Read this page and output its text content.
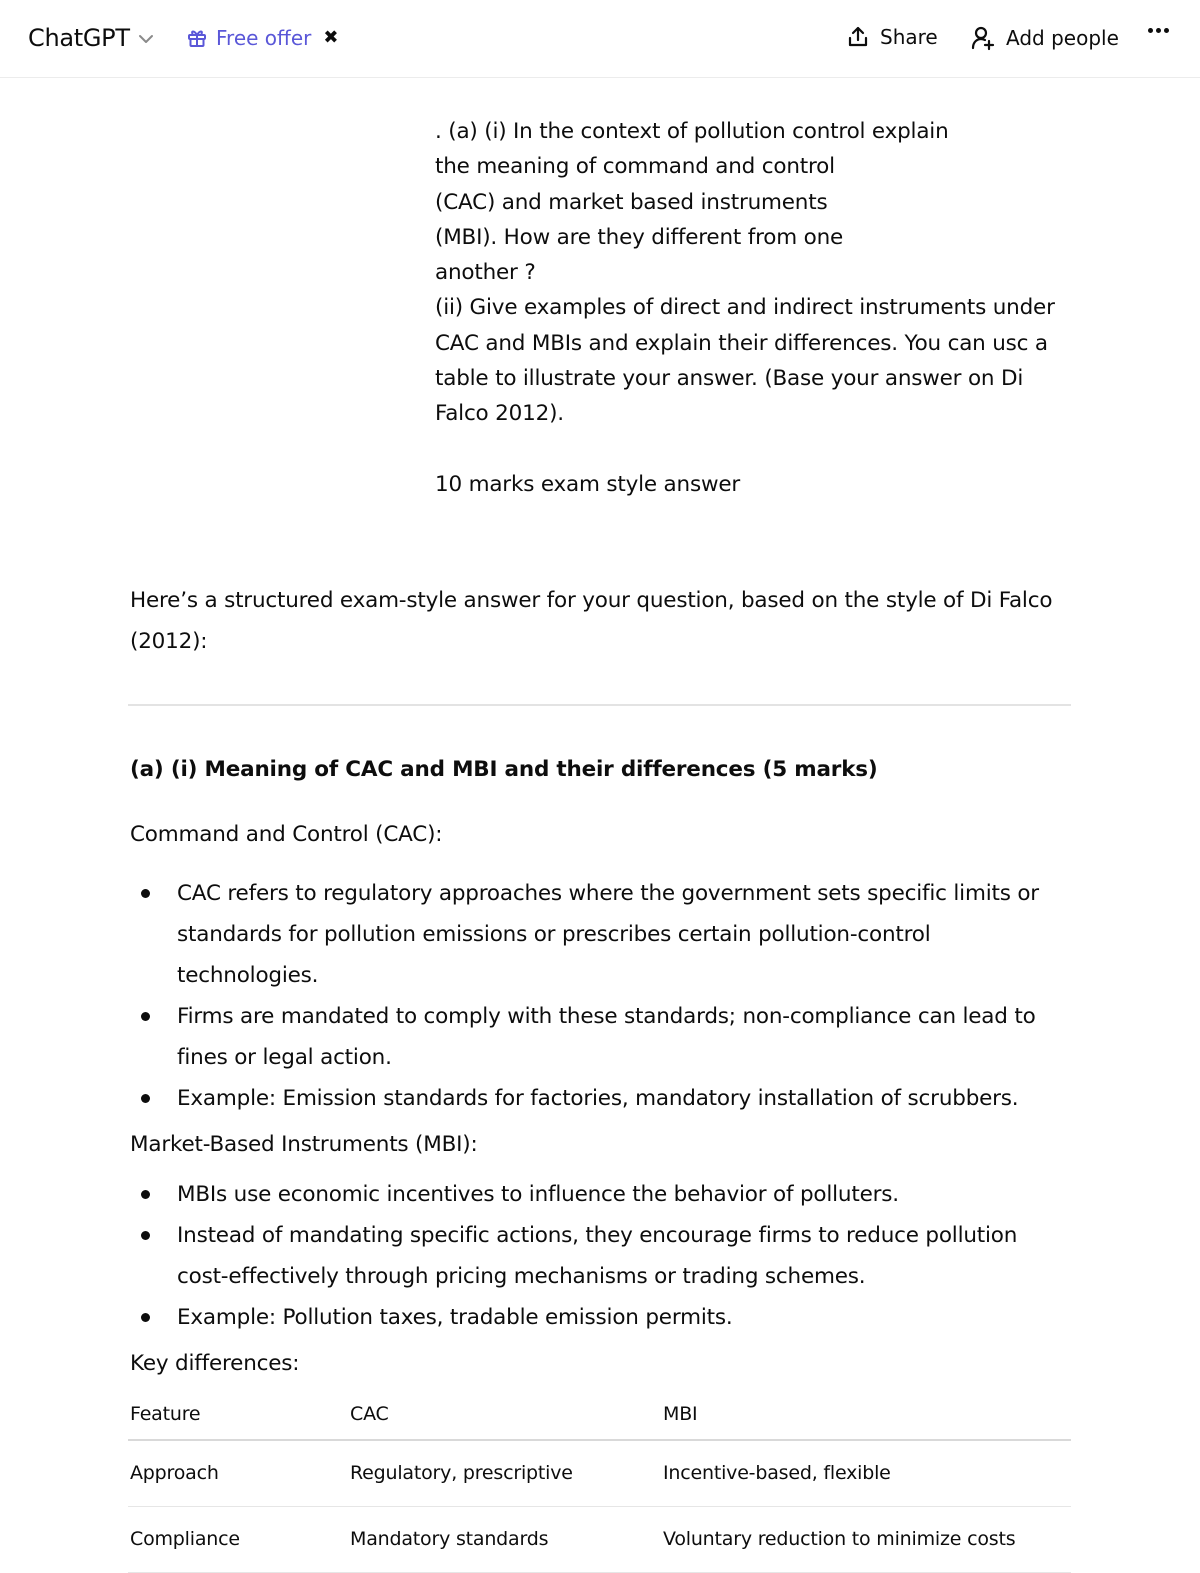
ChatGPT	Free offer ✖	Share	Add people
. (a) (i) In the context of pollution control explain
the meaning of command and control
(CAC) and market based instruments
(MBI). How are they different from one
another ?
(ii) Give examples of direct and indirect instruments under
CAC and MBIs and explain their differences. You can usc a
table to illustrate your answer. (Base your answer on Di
Falco 2012).

10 marks exam style answer

Here’s a structured exam-style answer for your question, based on the style of Di Falco (2012):

(a) (i) Meaning of CAC and MBI and their differences (5 marks)

Command and Control (CAC):

CAC refers to regulatory approaches where the government sets specific limits or standards for pollution emissions or prescribes certain pollution-control technologies.
Firms are mandated to comply with these standards; non-compliance can lead to fines or legal action.
Example: Emission standards for factories, mandatory installation of scrubbers.

Market-Based Instruments (MBI):

MBIs use economic incentives to influence the behavior of polluters.
Instead of mandating specific actions, they encourage firms to reduce pollution cost-effectively through pricing mechanisms or trading schemes.
Example: Pollution taxes, tradable emission permits.

Key differences:

Feature	CAC	MBI
Approach	Regulatory, prescriptive	Incentive-based, flexible
Compliance	Mandatory standards	Voluntary reduction to minimize costs
